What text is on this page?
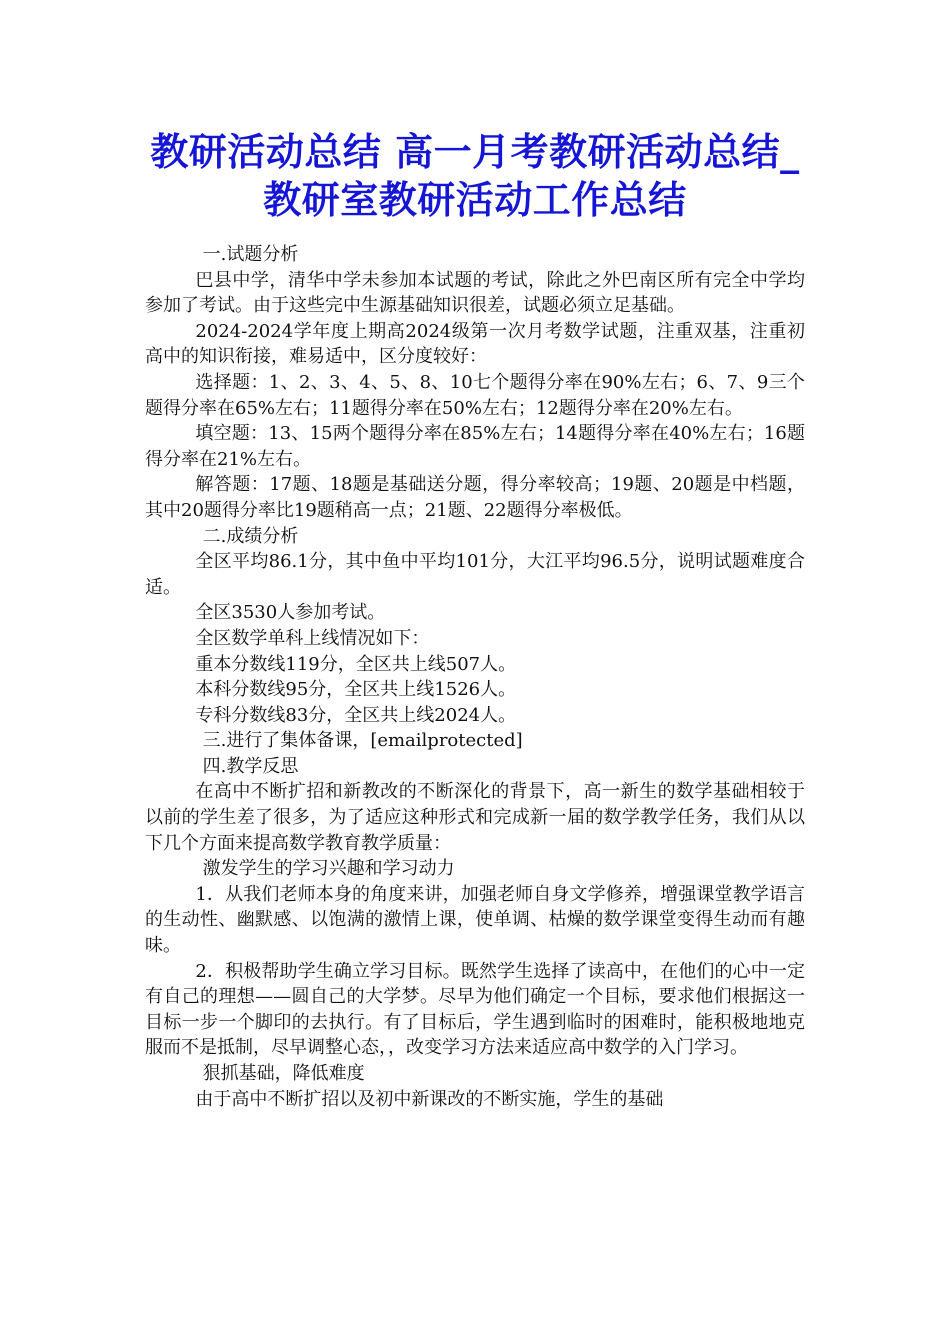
教研活动总结 高一月考教研活动总结_教研室教研活动工作总结

一.试题分析

巴县中学，清华中学未参加本试题的考试，除此之外巴南区所有完全中学均参加了考试。由于这些完中生源基础知识很差，试题必须立足基础。

2024-2024学年度上期高2024级第一次月考数学试题，注重双基，注重初高中的知识衔接，难易适中，区分度较好：

选择题：1、2、3、4、5、8、10七个题得分率在90%左右；6、7、9三个题得分率在65%左右；11题得分率在50%左右；12题得分率在20%左右。

填空题：13、15两个题得分率在85%左右；14题得分率在40%左右；16题得分率在21%左右。

解答题：17题、18题是基础送分题，得分率较高；19题、20题是中档题，其中20题得分率比19题稍高一点；21题、22题得分率极低。

二.成绩分析

全区平均86.1分，其中鱼中平均101分，大江平均96.5分，说明试题难度合适。

全区3530人参加考试。

全区数学单科上线情况如下：

重本分数线119分，全区共上线507人。

本科分数线95分，全区共上线1526人。

专科分数线83分，全区共上线2024人。

三.进行了集体备课，[emailprotected]

四.教学反思

在高中不断扩招和新教改的不断深化的背景下，高一新生的数学基础相较于以前的学生差了很多，为了适应这种形式和完成新一届的数学教学任务，我们从以下几个方面来提高数学教育教学质量：

激发学生的学习兴趣和学习动力

1．从我们老师本身的角度来讲，加强老师自身文学修养，增强课堂教学语言的生动性、幽默感、以饱满的激情上课，使单调、枯燥的数学课堂变得生动而有趣味。

2．积极帮助学生确立学习目标。既然学生选择了读高中，在他们的心中一定有自己的理想——圆自己的大学梦。尽早为他们确定一个目标，要求他们根据这一目标一步一个脚印的去执行。有了目标后，学生遇到临时的困难时，能积极地地克服而不是抵制，尽早调整心态，，改变学习方法来适应高中数学的入门学习。

狠抓基础，降低难度

由于高中不断扩招以及初中新课改的不断实施，学生的基础
